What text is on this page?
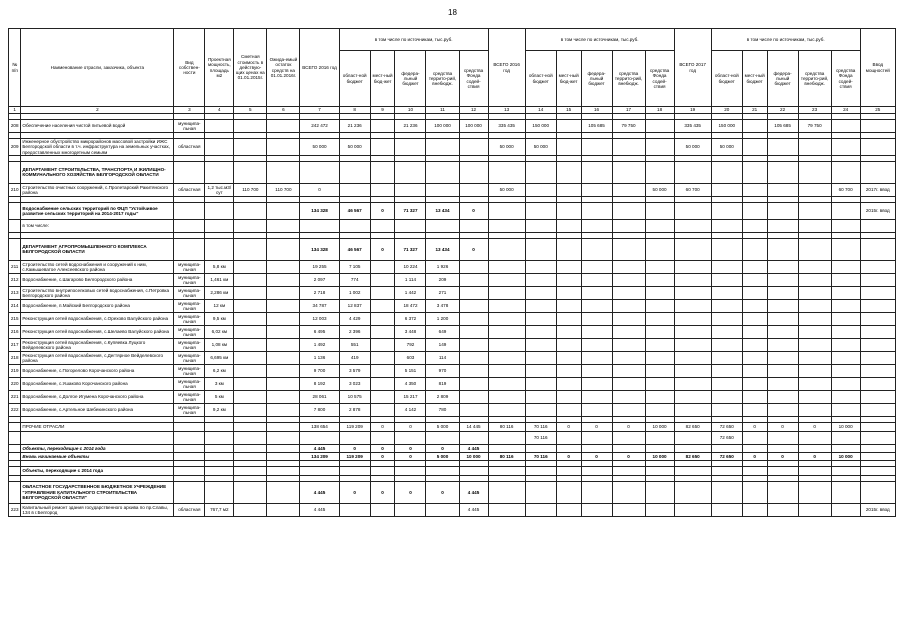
18
№ п/п	Наименование отрасли, заказчика, объекта	Вид собствен-ности	Проектная мощность, площадь м2	Сметная стоимость в действую-щих ценах на 01.01.2015г.	Ожида-емый остаток средств на 01.01.2016г.	ВСЕГО 2016 год	в том числе по источникам, тыс.руб.					ВСЕГО 2016 год	в том числе по источникам, тыс.руб.					ВСЕГО 2017 год	в том числе по источникам, тыс.руб.					Ввод мощностей
							област-ной бюджет	мест-ный бюд-жет	федера-льный бюджет	средства террито-рий, внебюдж.	средства Фонда содей-ствия		област-ной бюджет	мест-ный бюд-жет	федера-льный бюджет	средства террито-рий, внебюдж.	средства Фонда содей-ствия		област-ной бюджет	мест-ный бюджет	федера-льный бюджет	средства террито-рий, внебюдж.	средства Фонда содей-ствия	
1	2	3	4	5	6	7	8	9	10	11	12	13	14	15	16	17	18	19	20	21	22	23	24	25

208	Обеспечение населения чистой питьевой водой	муниципа-льная				242 472	21 236		21 236	100 000	100 000	335 435	150 000		105 685	79 750		335 435	150 000		105 685	79 750		

209	Инженерное обустройство микрорайонов массовой застройки ИЖС Белгородской области в т.ч. инфраструктура на земельных участках, предоставленных многодетным семьям	областная				50 000	50 000					50 000	50 000					50 000	50 000					

	ДЕПАРТАМЕНТ СТРОИТЕЛЬСТВА, ТРАНСПОРТА И ЖИЛИЩНО-КОММУНАЛЬНОГО ХОЗЯЙСТВА БЕЛГОРОДСКОЙ ОБЛАСТИ																							
210	Строительство очистных сооружений, с.Пролетарский Ракитянского района	областная	1,2 тыс.м3/ сут	110 700	110 700	0						50 000					50 000	60 700					60 700	2017г. ввод

	Водоснабжение сельских территорий по ФЦП "Устойчивое развитие сельских территорий на 2014-2017 годы"					134 328	46 567	0	71 327	13 434	0													2015г. ввод
	в том числе:																							

	ДЕПАРТАМЕНТ АГРОПРОМЫШЛЕННОГО КОМПЛЕКСА БЕЛГОРОДСКОЙ ОБЛАСТИ					134 328	46 567	0	71 327	13 434	0													
211	Строительство сетей водоснабжения и сооружений к ним, с.Камышеватое Алексеевского района	муниципа-льная	5,8 км			19 255	7 105		10 224	1 926														
212	Водоснабжение, с.Шагарово Белгородского района	муниципа-льная	1,461 км			2 097	774		1 114	209														
213	Строительство внутрипоселковых сетей водоснабжения, с.Петровка Белгородского района	муниципа-льная	2,286 км			2 718	1 002		1 442	271														
214	Водоснабжение, п.Майский Белгородского района	муниципа-льная	12 км			34 787	12 837		18 472	3 478														
215	Реконструкция сетей водоснабжения, с.Орехово Валуйского района	муниципа-льная	9,5 км			12 003	4 429		6 372	1 200														
216	Реконструкция сетей водоснабжения, с.Шелаево Валуйского района	муниципа-льная	6,02 км			6 495	2 396		3 448	649														
217	Реконструкция сетей водоснабжения, с.Купяевка Луцкого Вейделевского района	муниципа-льная	1,08 км			1 492	551		792	149														
218	Реконструкция сетей водоснабжения, с.Дегтярное Вейделевского района	муниципа-льная	6,695 км			1 136	419		603	114														
219	Водоснабжение, с.Погорелово Корочанского района	муниципа-льная	6,2 км			9 700	3 579		5 151	970														
220	Водоснабжение, с.Ушаково Корочанского района	муниципа-льная	3 км			8 192	3 023		4 350	819														
221	Водоснабжение, с.Долгое Игумена Корочанского района	муниципа-льная	5 км			28 061	10 575		15 217	2 809														
222	Водоснабжение, с.Артельное Шебекинского района	муниципа-льная	9,2 км			7 800	2 878		4 142	780														

	ПРОЧИЕ ОТРАСЛИ					138 654	119 209	0	0	5 000	14 445	80 116	70 116	0	0	0	10 000	82 650	72 650	0	0	0	10 000	
													70 116						72 650					
	Объекты, переходящие с 2014 года					4 445	0	0	0	0	4 445													
	Вновь начинаемые объекты					134 209	119 209	0	0	5 000	10 000	80 116	70 116	0	0	0	10 000	82 650	72 650	0	0	0	10 000	

	Объекты, переходящие с 2014 года																							

	ОБЛАСТНОЕ ГОСУДАРСТВЕННОЕ БЮДЖЕТНОЕ УЧРЕЖДЕНИЕ "УПРАВЛЕНИЕ КАПИТАЛЬНОГО СТРОИТЕЛЬСТВА БЕЛГОРОДСКОЙ ОБЛАСТИ"					4 445	0	0	0	0	4 445													
223	Капитальный ремонт здания государственного архива по пр.Славы, 134 в г.Белгород	областная	767,7 м2			4 445					4 445													2015г. ввод
